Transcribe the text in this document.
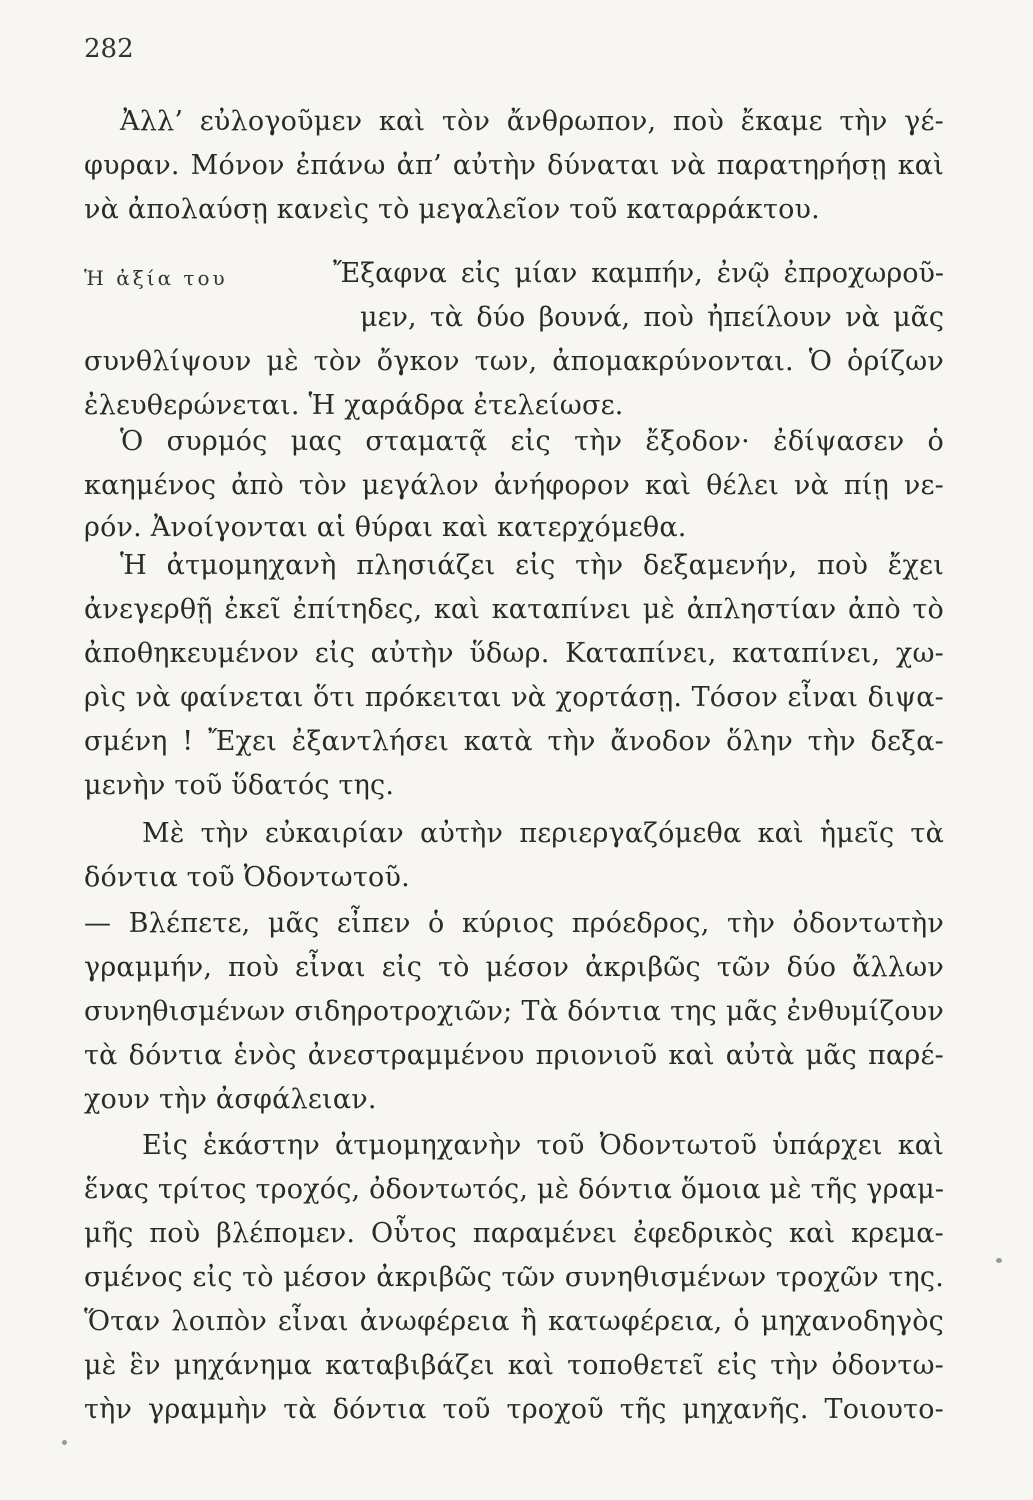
282
Ἀλλ’ εὐλογοῦμεν καὶ τὸν ἄνθρωπον, ποὺ ἔκαμε τὴν γέ-
φυραν. Μόνον ἐπάνω ἀπ’ αὐτὴν δύναται νὰ παρατηρήσῃ καὶ
νὰ ἀπολαύσῃ κανεὶς τὸ μεγαλεῖον τοῦ καταρράκτου.
Ἡ ἀξία του	Ἔξαφνα εἰς μίαν καμπήν, ἐνῷ ἐπροχωροῦ-
μεν, τὰ δύο βουνά, ποὺ ἠπείλουν νὰ μᾶς
συνθλίψουν μὲ τὸν ὄγκον των, ἀπομακρύνονται. Ὁ ὁρίζων
ἐλευθερώνεται. Ἡ χαράδρα ἐτελείωσε.
Ὁ συρμός μας σταματᾷ εἰς τὴν ἔξοδον· ἐδίψασεν ὁ
καημένος ἀπὸ τὸν μεγάλον ἀνήφορον καὶ θέλει νὰ πίῃ νε-
ρόν. Ἀνοίγονται αἱ θύραι καὶ κατερχόμεθα.
Ἡ ἀτμομηχανὴ πλησιάζει εἰς τὴν δεξαμενήν, ποὺ ἔχει
ἀνεγερθῇ ἐκεῖ ἐπίτηδες, καὶ καταπίνει μὲ ἀπληστίαν ἀπὸ τὸ
ἀποθηκευμένον εἰς αὐτὴν ὕδωρ. Καταπίνει, καταπίνει, χω-
ρὶς νὰ φαίνεται ὅτι πρόκειται νὰ χορτάσῃ. Τόσον εἶναι διψα-
σμένη ! Ἔχει ἐξαντλήσει κατὰ τὴν ἄνοδον ὅλην τὴν δεξα-
μενὴν τοῦ ὕδατός της.
Μὲ τὴν εὐκαιρίαν αὐτὴν περιεργαζόμεθα καὶ ἡμεῖς τὰ
δόντια τοῦ Ὀδοντωτοῦ.
— Βλέπετε, μᾶς εἶπεν ὁ κύριος πρόεδρος, τὴν ὀδοντωτὴν
γραμμήν, ποὺ εἶναι εἰς τὸ μέσον ἀκριβῶς τῶν δύο ἄλλων
συνηθισμένων σιδηροτροχιῶν; Τὰ δόντια της μᾶς ἐνθυμίζουν
τὰ δόντια ἑνὸς ἀνεστραμμένου πριονιοῦ καὶ αὐτὰ μᾶς παρέ-
χουν τὴν ἀσφάλειαν.
Εἰς ἑκάστην ἀτμομηχανὴν τοῦ Ὀδοντωτοῦ ὑπάρχει καὶ
ἕνας τρίτος τροχός, ὀδοντωτός, μὲ δόντια ὅμοια μὲ τῆς γραμ-
μῆς ποὺ βλέπομεν. Οὗτος παραμένει ἐφεδρικὸς καὶ κρεμα-
σμένος εἰς τὸ μέσον ἀκριβῶς τῶν συνηθισμένων τροχῶν της.
Ὅταν λοιπὸν εἶναι ἀνωφέρεια ἢ κατωφέρεια, ὁ μηχανοδηγὸς
μὲ ἓν μηχάνημα καταβιβάζει καὶ τοποθετεῖ εἰς τὴν ὀδοντω-
τὴν γραμμὴν τὰ δόντια τοῦ τροχοῦ τῆς μηχανῆς. Τοιουτο-
